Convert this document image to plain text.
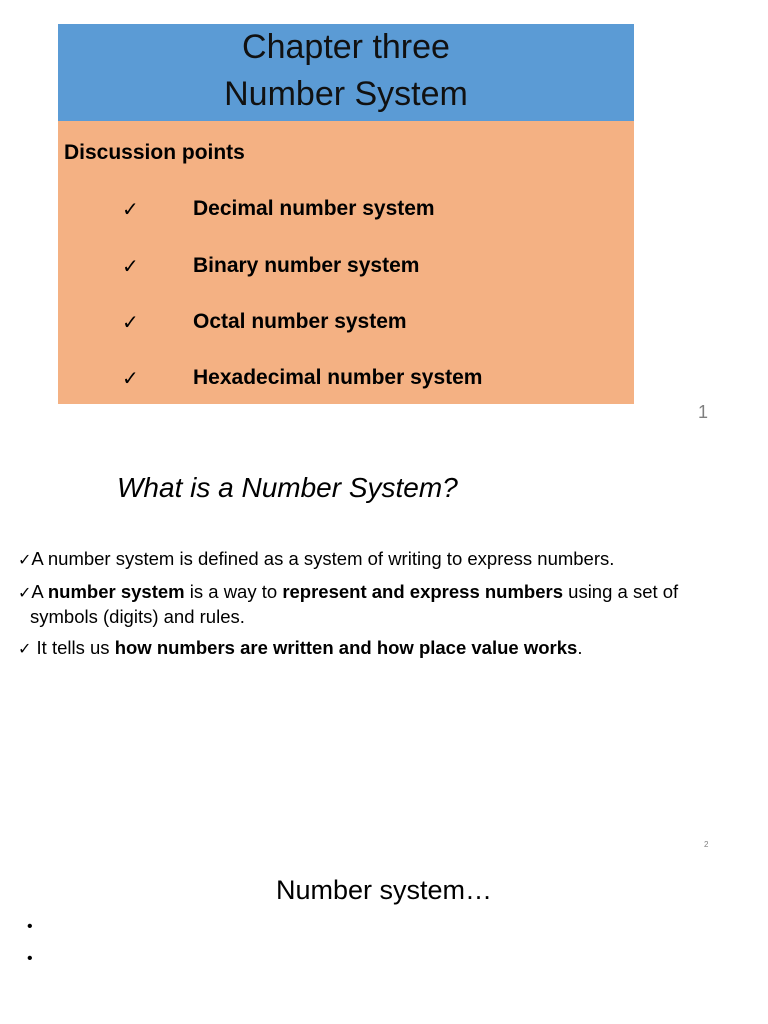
Chapter three
Number System
Discussion points
✓	Decimal number system
✓	Binary number system
✓	Octal number system
✓	Hexadecimal number system
1
What is a Number System?
✓A number system is defined as a system of writing to express numbers.
✓A number system is a way to represent and express numbers using a set of
symbols (digits) and rules.
✓ It tells us how numbers are written and how place value works.
2
Number system…
•
•
